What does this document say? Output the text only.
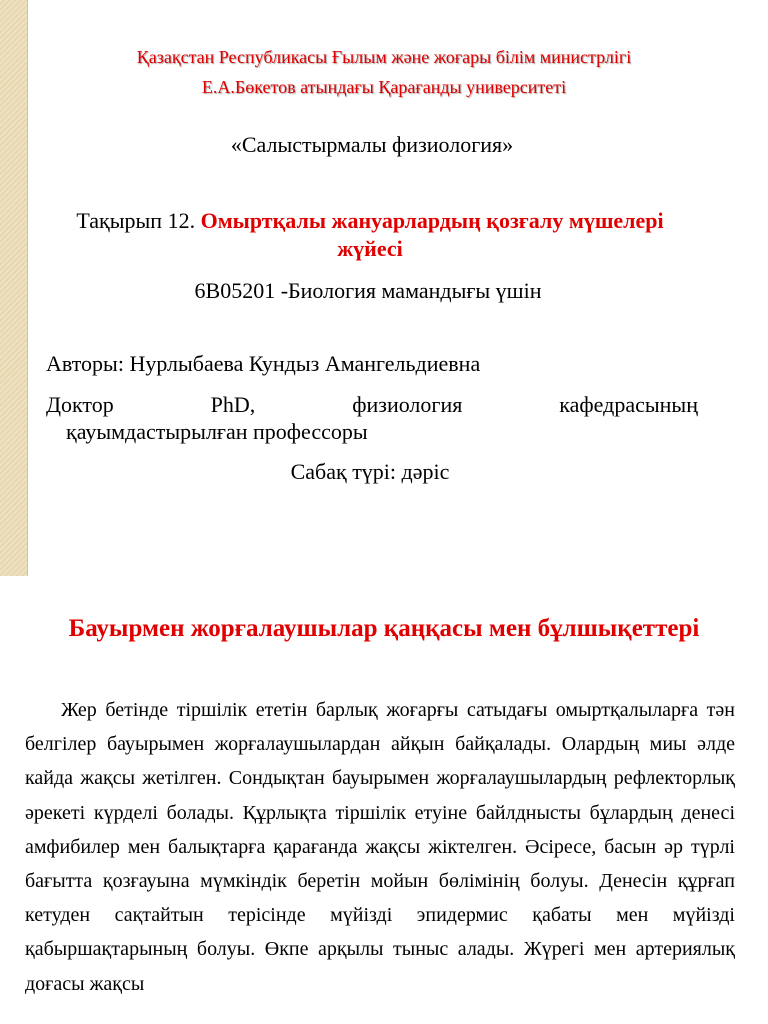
Қазақстан Республикасы Ғылым және жоғары білім министрлігі
Е.А.Бөкетов атындағы Қарағанды университеті
«Салыстырмалы физиология»
Тақырып 12. Омыртқалы жануарлардың қозғалу мүшелері жүйесі
6В05201 -Биология мамандығы үшін
Авторы: Нурлыбаева Кундыз Амангельдиевна
Доктор	PhD,	физиология	кафедрасының
қауымдастырылған профессоры
Сабақ түрі: дәріс
Бауырмен жорғалаушылар қаңқасы мен бұлшықеттері

Жер бетінде тіршілік ететін барлық жоғарғы сатыдағы омыртқалыларға тән белгілер бауырымен жорғалаушылардан айқын байқалады. Олардың миы әлде кайда жақсы жетілген. Сондықтан бауырымен жорғалаушылардың рефлекторлық әрекеті күрделі болады. Құрлықта тіршілік етуіне байлднысты бұлардың денесі амфибилер мен балықтарға қарағанда жақсы жіктелген. Әсіресе, басын әр түрлі бағытта қозғауына мүмкіндік беретін мойын бөлімінің болуы. Денесін құрғап кетуден сақтайтын терісінде мүйізді эпидермис қабаты мен мүйізді қабыршақтарының болуы. Өкпе арқылы тыныс алады. Жүрегі мен артериялық доғасы жақсы
